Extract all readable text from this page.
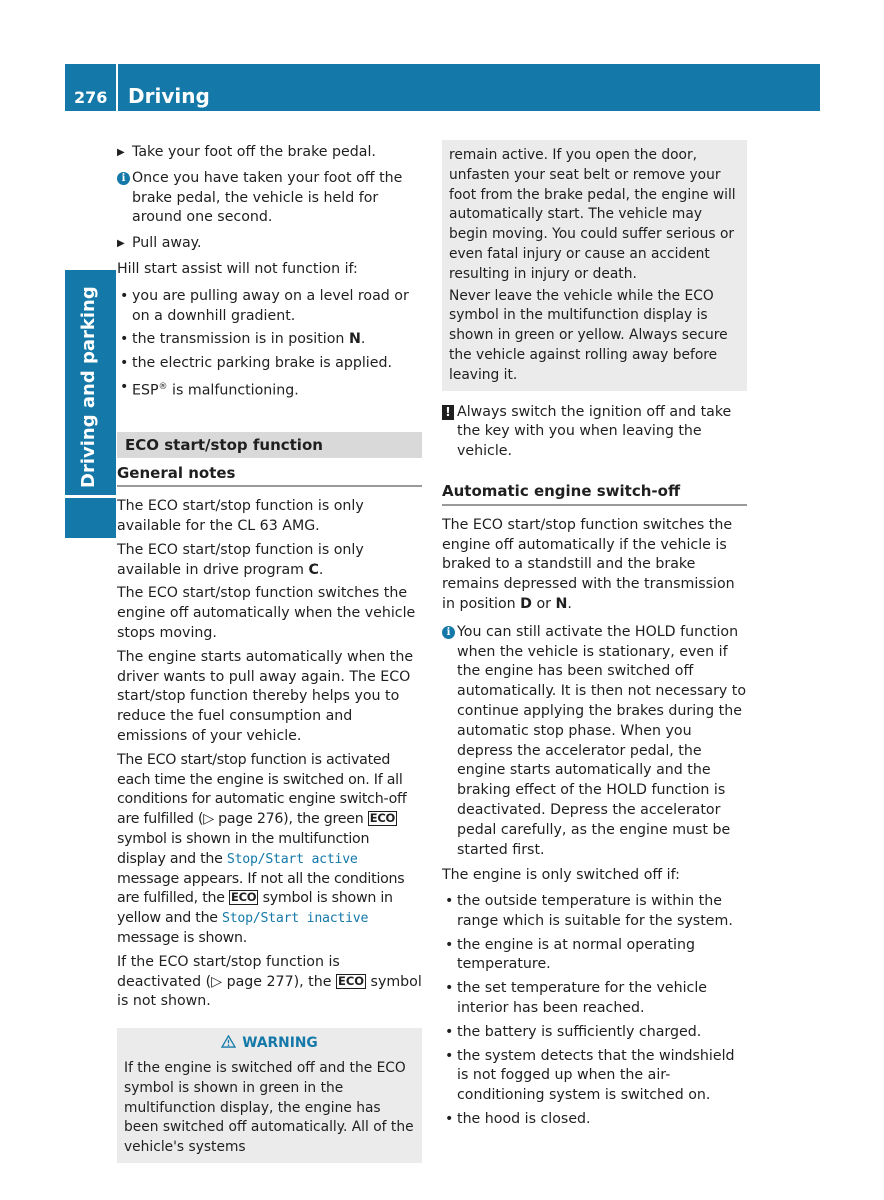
276 Driving
Driving and parking

▶ Take your foot off the brake pedal.

i Once you have taken your foot off the brake pedal, the vehicle is held for around one second.

▶ Pull away.

Hill start assist will not function if:

• you are pulling away on a level road or on a downhill gradient.

• the transmission is in position N.

• the electric parking brake is applied.

• ESP® is malfunctioning.

ECO start/stop function

General notes

The ECO start/stop function is only available for the CL 63 AMG.

The ECO start/stop function is only available in drive program C.

The ECO start/stop function switches the engine off automatically when the vehicle stops moving.

The engine starts automatically when the driver wants to pull away again. The ECO start/stop function thereby helps you to reduce the fuel consumption and emissions of your vehicle.

The ECO start/stop function is activated each time the engine is switched on. If all conditions for automatic engine switch-off are fulfilled (▷ page 276), the green ECO symbol is shown in the multifunction display and the Stop/Start active message appears. If not all the conditions are fulfilled, the ECO symbol is shown in yellow and the Stop/Start inactive message is shown.

If the ECO start/stop function is deactivated (▷ page 277), the ECO symbol is not shown.

WARNING
If the engine is switched off and the ECO symbol is shown in green in the multifunction display, the engine has been switched off automatically. All of the vehicle's systems
remain active. If you open the door, unfasten your seat belt or remove your foot from the brake pedal, the engine will automatically start. The vehicle may begin moving. You could suffer serious or even fatal injury or cause an accident resulting in injury or death.
Never leave the vehicle while the ECO symbol in the multifunction display is shown in green or yellow. Always secure the vehicle against rolling away before leaving it.

! Always switch the ignition off and take the key with you when leaving the vehicle.

Automatic engine switch-off

The ECO start/stop function switches the engine off automatically if the vehicle is braked to a standstill and the brake remains depressed with the transmission in position D or N.

i You can still activate the HOLD function when the vehicle is stationary, even if the engine has been switched off automatically. It is then not necessary to continue applying the brakes during the automatic stop phase. When you depress the accelerator pedal, the engine starts automatically and the braking effect of the HOLD function is deactivated. Depress the accelerator pedal carefully, as the engine must be started first.

The engine is only switched off if:

• the outside temperature is within the range which is suitable for the system.

• the engine is at normal operating temperature.

• the set temperature for the vehicle interior has been reached.

• the battery is sufficiently charged.

• the system detects that the windshield is not fogged up when the air-conditioning system is switched on.

• the hood is closed.
